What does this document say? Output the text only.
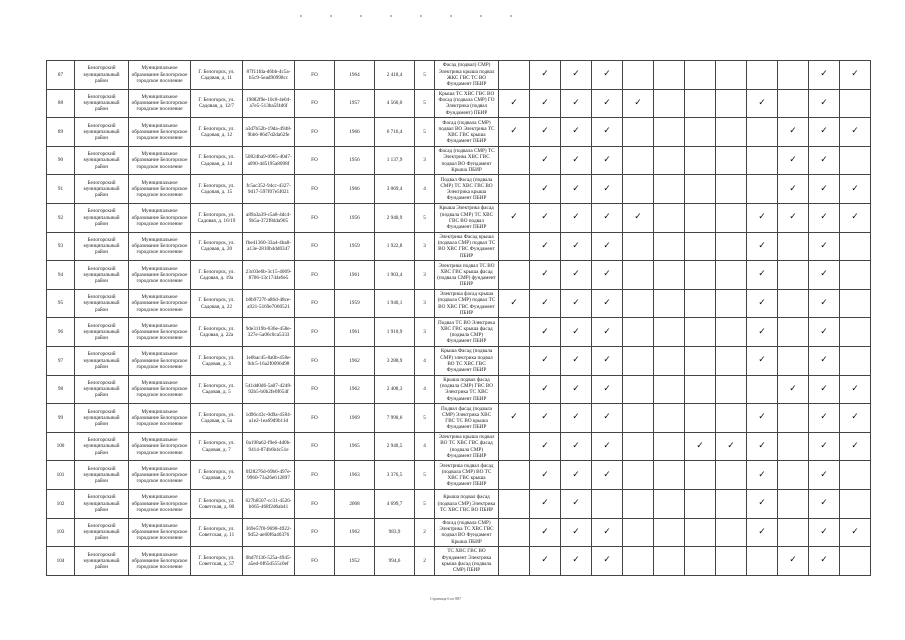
87	Белогорский муниципальный район	Муниципальное образование Белогорское городское поселение	Г. Белогорск, ул. Садовая, д. 11	87f11fda-d6bb-4c5a-b5c9-5ead90998cc	FO	1964	2 418,4	5	Фасад (подвал) СМР) Электрика крыша подвал ЖКС ГВС ТС ВО Фундамент ПБИР		✓	✓	✓							✓	✓
88	Белогорский муниципальный район	Муниципальное образование Белогорское городское поселение	Г. Белогорск, ул. Садовая, д. 12/7	19882f9e-10c8-4e04-a7e5-513ba5f4d6f	FO	1957	4 560,0	5	Крыша ТС ХВС ГВС ВО Фасад (подвала СМР) ГО Электрика (подвал Фундамент) ПБИР	✓	✓	✓	✓	✓				✓		✓	
89	Белогорский муниципальный район	Муниципальное образование Белогорское городское поселение	Г. Белогорск, ул. Садовая, д. 12	a3d7b52b-19da-4948-9bb6-86d7d2da62fe	FO	1966	6 716,4	5	Фасад (подвала СМР) подвал ВО Электрика ТС ХВС ГВС крыша Фундамент ПБИР	✓	✓	✓	✓						✓	✓	✓
90	Белогорский муниципальный район	Муниципальное образование Белогорское городское поселение	Г. Белогорск, ул. Садовая, д. 14	50824ba9-0965-40d7-a090-4d5195a8098f	FO	1956	1 137,9	3	Фасад (подвала СМР) ТС Электрика ХВС ГВС подвал ВО Фундамент Крыша ПБИР		✓	✓	✓						✓	✓	
91	Белогорский муниципальный район	Муниципальное образование Белогорское городское поселение	Г. Белогорск, ул. Садовая, д. 15	fc5ac352-94cc-4327-9d17-597f07e5f021	FO	1966	3 069,4	4	Подвал Фасад (подвала СМР) ТС ХВС ГВС ВО Электрика крыша Фундамент ПБИР		✓	✓	✓						✓	✓	✓
92	Белогорский муниципальный район	Муниципальное образование Белогорское городское поселение	Г. Белогорск, ул. Садовая, д. 16/19	a89a3a39-c5a8-4dc4-9b5a-372f8d4a905	FO	1956	2 940,9	5	Крыша Электрика фасад (подвала СМР) ТС ХВС ГВС ВО подвал Фундамент ПБИР	✓	✓	✓	✓	✓				✓	✓	✓	✓
93	Белогорский муниципальный район	Муниципальное образование Белогорское городское поселение	Г. Белогорск, ул. Садовая, д. 20	fbe41360-33a4-4ba8-a13e-2810b4dd0347	FO	1959	1 922,8	3	Электрика Фасад крыша (подвала СМР) подвал ТС ВО ХВС ГВС Фундамент ПБИР		✓	✓	✓					✓		✓	
94	Белогорский муниципальный район	Муниципальное образование Белогорское городское поселение	Г. Белогорск, ул. Садовая, д. 19а	23c03e6b-3c15-4069-8706-13c1744e9e5	FO	1961	1 903,4	3	Электрика подвал ТС ВО ХВС ГВС крыша фасад (подвала СМР) фундамент ПБИР		✓	✓	✓					✓		✓	
95	Белогорский муниципальный район	Муниципальное образование Белогорское городское поселение	Г. Белогорск, ул. Садовая, д. 22	b0b9727f-a86d-48ce-a921-5169e7060521	FO	1959	1 940,1	3	Электрика фасад крыша (подвала СМР) подвал ТС ВО ХВС ГВС Фундамент ПБИР	✓	✓	✓	✓					✓		✓	
96	Белогорский муниципальный район	Муниципальное образование Белогорское городское поселение	Г. Белогорск, ул. Садовая, д. 22а	9de3119b-636e-458e-327e-5a06c0ca5333	FO	1961	1 910,9	3	Подвал ТС ВО Электрика ХВС ГВС крыша фасад (подвала СМР) Фундамент ПБИР		✓	✓	✓					✓		✓	
97	Белогорский муниципальный район	Муниципальное образование Белогорское городское поселение	Г. Белогорск, ул. Садовая, д. 3	1e0bac45-8a0b-458e-9dc5-16a2f0096d98	FO	1962	3 288,9	4	Крыша Фасад (подвала СМР) электрика подвал ВО ТС ХВС ГВС Фундамент ПБИР		✓	✓	✓					✓		✓	
98	Белогорский муниципальный район	Муниципальное образование Белогорское городское поселение	Г. Белогорск, ул. Садовая, д. 5	541dd0d6-5a07-4248-92b5-b0b2fe0f654f	FO	1962	2 408,3	4	Крыша подвал фасад (подвала СМР) ГВС ВО Электрика ТС ХВС Фундамент ПБИР		✓	✓	✓						✓	✓	✓
99	Белогорский муниципальный район	Муниципальное образование Белогорское городское поселение	Г. Белогорск, ул. Садовая, д. 5а	1d96c43c-0d9a-4584-a1e2-1ea69d9b11d	FO	1969	7 990,6	5	Подвал фасад (подвала СМР) Электрика ХВС ГВС ТС ВО крыша Фундамент ПБИР	✓	✓	✓	✓					✓		✓	✓
100	Белогорский муниципальный район	Муниципальное образование Белогорское городское поселение	Г. Белогорск, ул. Садовая, д. 7	0a198a62-f9e6-4d0b-9414-874b6b4c51e	FO	1965	2 940,5	4	Электрика крыша подвал ВО ТС ХВС ГВС фасад (подвала СМР) Фундамент ПБИР		✓	✓	✓			✓	✓	✓		✓	✓
101	Белогорский муниципальный район	Муниципальное образование Белогорское городское поселение	Г. Белогорск, ул. Садовая, д. 9	0f28276d-69b6-497e-9960-73a26e612897	FO	1963	3 376,5	5	Электрика подвал фасад (подвала СМР) ВО ТС ХВС ГВС крыша Фундамент ПБИР		✓	✓	✓					✓		✓	
102	Белогорский муниципальный район	Муниципальное образование Белогорское городское поселение	Г. Белогорск, ул. Советская, д. 80	627b8507-cc31-4526-b665-468f2d6ab41	FO	2008	4 699,7	5	Крыша подвал фасад (подвала СМР) Электрика ТС ХВС ГВС ВО ПБИР		✓	✓						✓		✓	
103	Белогорский муниципальный район	Муниципальное образование Белогорское городское поселение	Г. Белогорск, ул. Советская, д. 11	369e57f0-9698-4922-9d52-ae60f6a40376	FO	1962	983,9	2	Фасад (подвала СМР) Электрика ТС ХВС ГВС подвал ВО Фундамент Крыша ПБИР		✓	✓	✓					✓		✓	✓
104	Белогорский муниципальный район	Муниципальное образование Белогорское городское поселение	Г. Белогорск, ул. Советская, д. 57	0bd7f136-525a-4945-a5ed-0f65d555c0ef	FO	1952	994,6	2	ТС ХВС ГВС ВО Фундамент Электрика крыша фасад (подвала СМР) ПБИР		✓	✓	✓						✓	✓	
Страница 6 из 887
